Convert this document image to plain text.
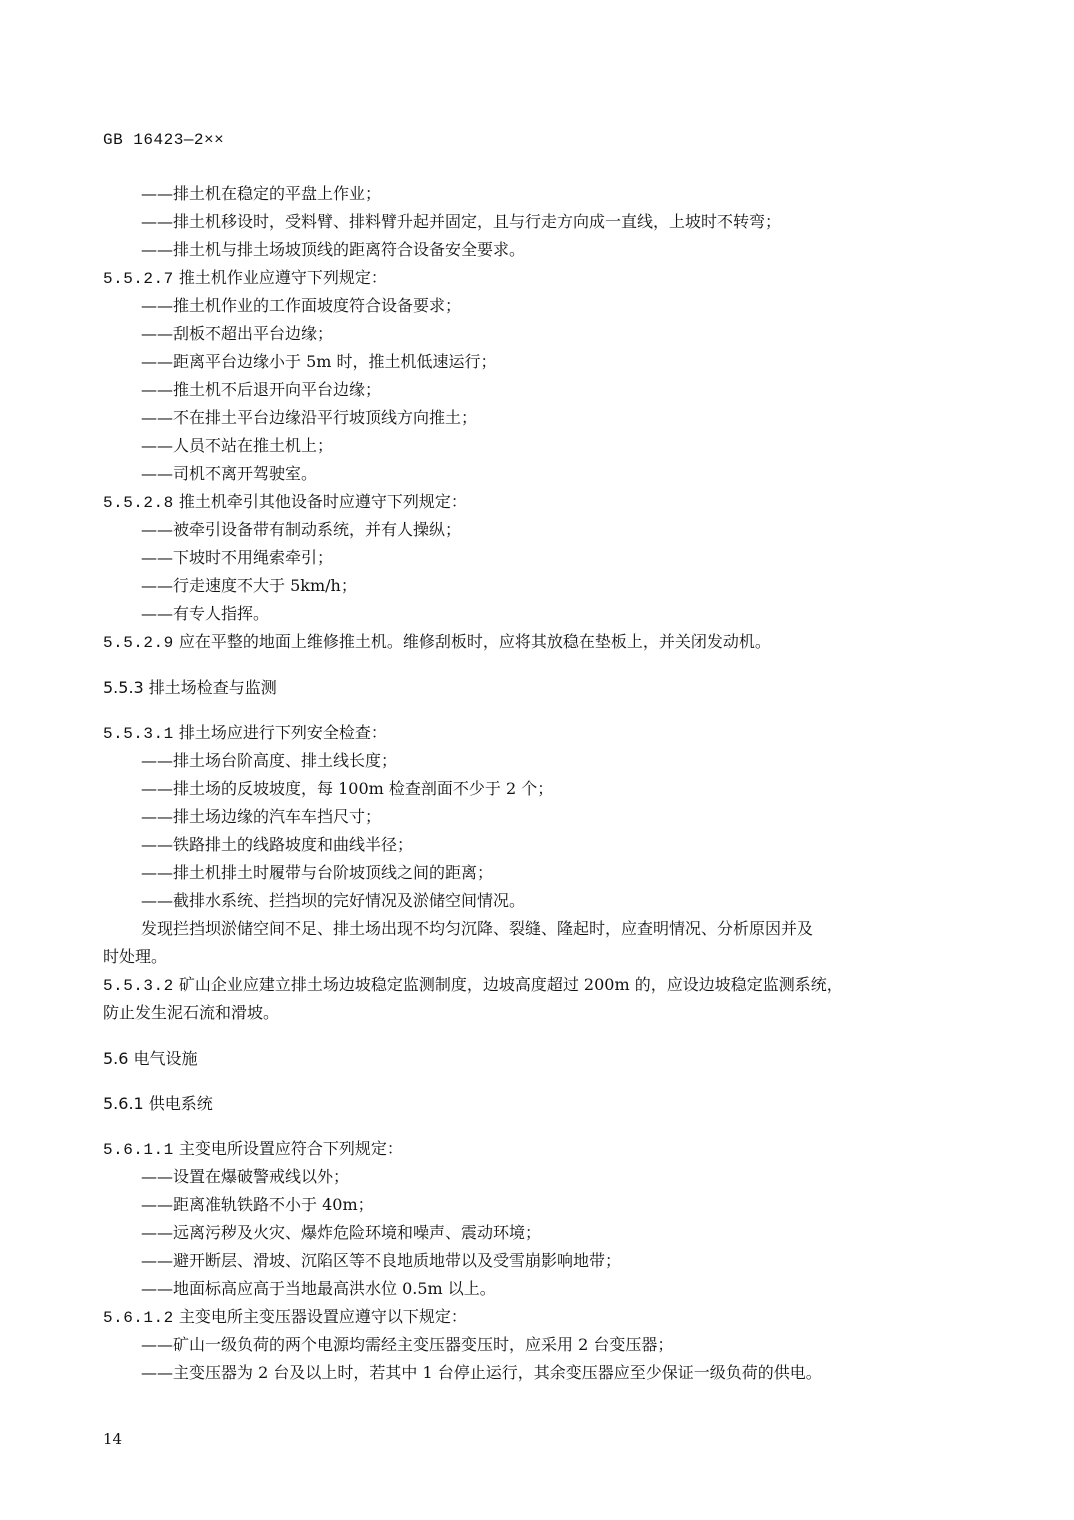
GB 16423—2××
——排土机在稳定的平盘上作业；
——排土机移设时，受料臂、排料臂升起并固定，且与行走方向成一直线，上坡时不转弯；
——排土机与排土场坡顶线的距离符合设备安全要求。
5.5.2.7 推土机作业应遵守下列规定：
——推土机作业的工作面坡度符合设备要求；
——刮板不超出平台边缘；
——距离平台边缘小于 5m 时，推土机低速运行；
——推土机不后退开向平台边缘；
——不在排土平台边缘沿平行坡顶线方向推土；
——人员不站在推土机上；
——司机不离开驾驶室。
5.5.2.8 推土机牵引其他设备时应遵守下列规定：
——被牵引设备带有制动系统，并有人操纵；
——下坡时不用绳索牵引；
——行走速度不大于 5km/h；
——有专人指挥。
5.5.2.9 应在平整的地面上维修推土机。维修刮板时，应将其放稳在垫板上，并关闭发动机。
5.5.3 排土场检查与监测
5.5.3.1 排土场应进行下列安全检查：
——排土场台阶高度、排土线长度；
——排土场的反坡坡度，每 100m 检查剖面不少于 2 个；
——排土场边缘的汽车车挡尺寸；
——铁路排土的线路坡度和曲线半径；
——排土机排土时履带与台阶坡顶线之间的距离；
——截排水系统、拦挡坝的完好情况及淤储空间情况。
发现拦挡坝淤储空间不足、排土场出现不均匀沉降、裂缝、隆起时，应查明情况、分析原因并及
时处理。
5.5.3.2 矿山企业应建立排土场边坡稳定监测制度，边坡高度超过 200m 的，应设边坡稳定监测系统，
防止发生泥石流和滑坡。
5.6 电气设施
5.6.1 供电系统
5.6.1.1 主变电所设置应符合下列规定：
——设置在爆破警戒线以外；
——距离准轨铁路不小于 40m；
——远离污秽及火灾、爆炸危险环境和噪声、震动环境；
——避开断层、滑坡、沉陷区等不良地质地带以及受雪崩影响地带；
——地面标高应高于当地最高洪水位 0.5m 以上。
5.6.1.2 主变电所主变压器设置应遵守以下规定：
——矿山一级负荷的两个电源均需经主变压器变压时，应采用 2 台变压器；
——主变压器为 2 台及以上时，若其中 1 台停止运行，其余变压器应至少保证一级负荷的供电。
14
